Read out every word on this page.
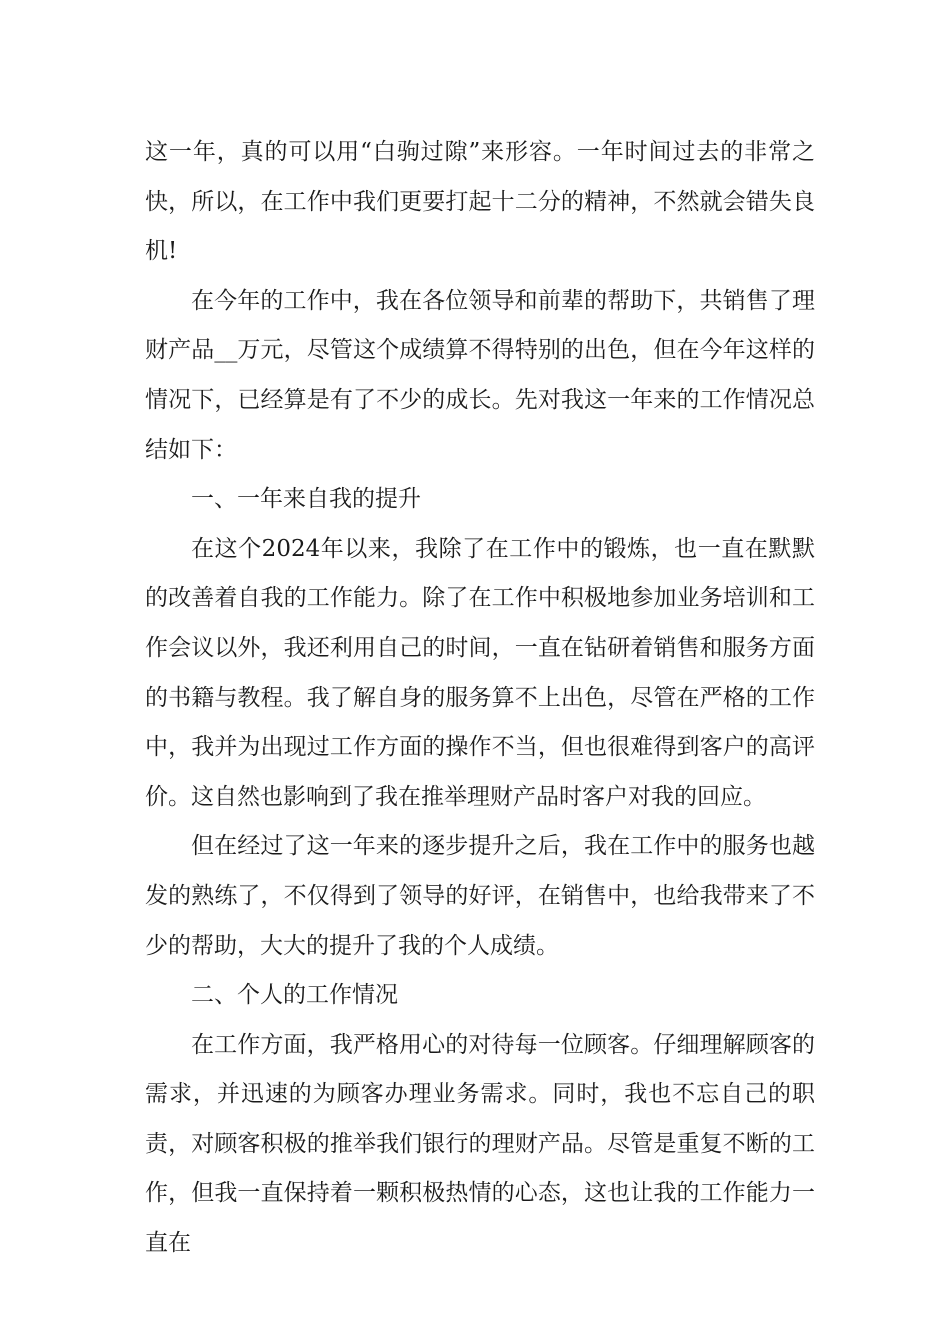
这一年，真的可以用“白驹过隙”来形容。一年时间过去的非常之快，所以，在工作中我们更要打起十二分的精神，不然就会错失良机!

在今年的工作中，我在各位领导和前辈的帮助下，共销售了理财产品__万元，尽管这个成绩算不得特别的出色，但在今年这样的情况下，已经算是有了不少的成长。先对我这一年来的工作情况总结如下：

一、一年来自我的提升

在这个2024年以来，我除了在工作中的锻炼，也一直在默默的改善着自我的工作能力。除了在工作中积极地参加业务培训和工作会议以外，我还利用自己的时间，一直在钻研着销售和服务方面的书籍与教程。我了解自身的服务算不上出色，尽管在严格的工作中，我并为出现过工作方面的操作不当，但也很难得到客户的高评价。这自然也影响到了我在推举理财产品时客户对我的回应。

但在经过了这一年来的逐步提升之后，我在工作中的服务也越发的熟练了，不仅得到了领导的好评，在销售中，也给我带来了不少的帮助，大大的提升了我的个人成绩。

二、个人的工作情况

在工作方面，我严格用心的对待每一位顾客。仔细理解顾客的需求，并迅速的为顾客办理业务需求。同时，我也不忘自己的职责，对顾客积极的推举我们银行的理财产品。尽管是重复不断的工作，但我一直保持着一颗积极热情的心态，这也让我的工作能力一直在
